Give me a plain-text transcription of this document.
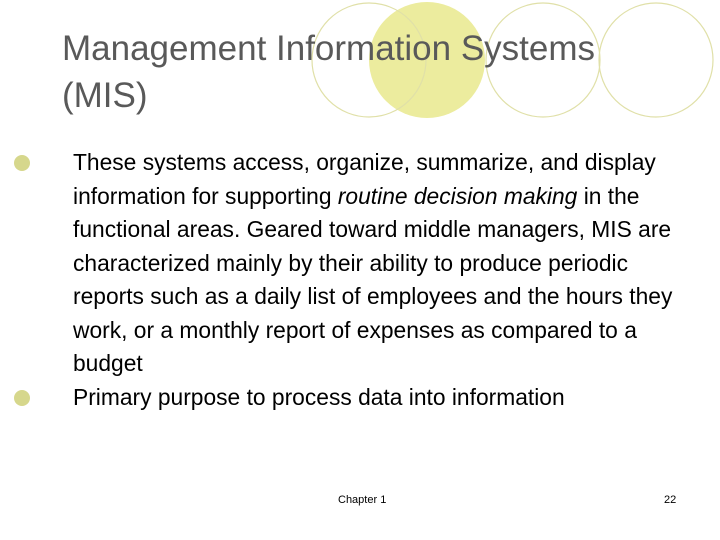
Management Information Systems
(MIS)
These systems access, organize, summarize, and display information for supporting routine decision making in the functional areas. Geared toward middle managers, MIS are characterized mainly by their ability to produce periodic reports such as a daily list of employees and the hours they work, or a monthly report of expenses as compared to a budget
Primary purpose to process data into information
Chapter 1	22
